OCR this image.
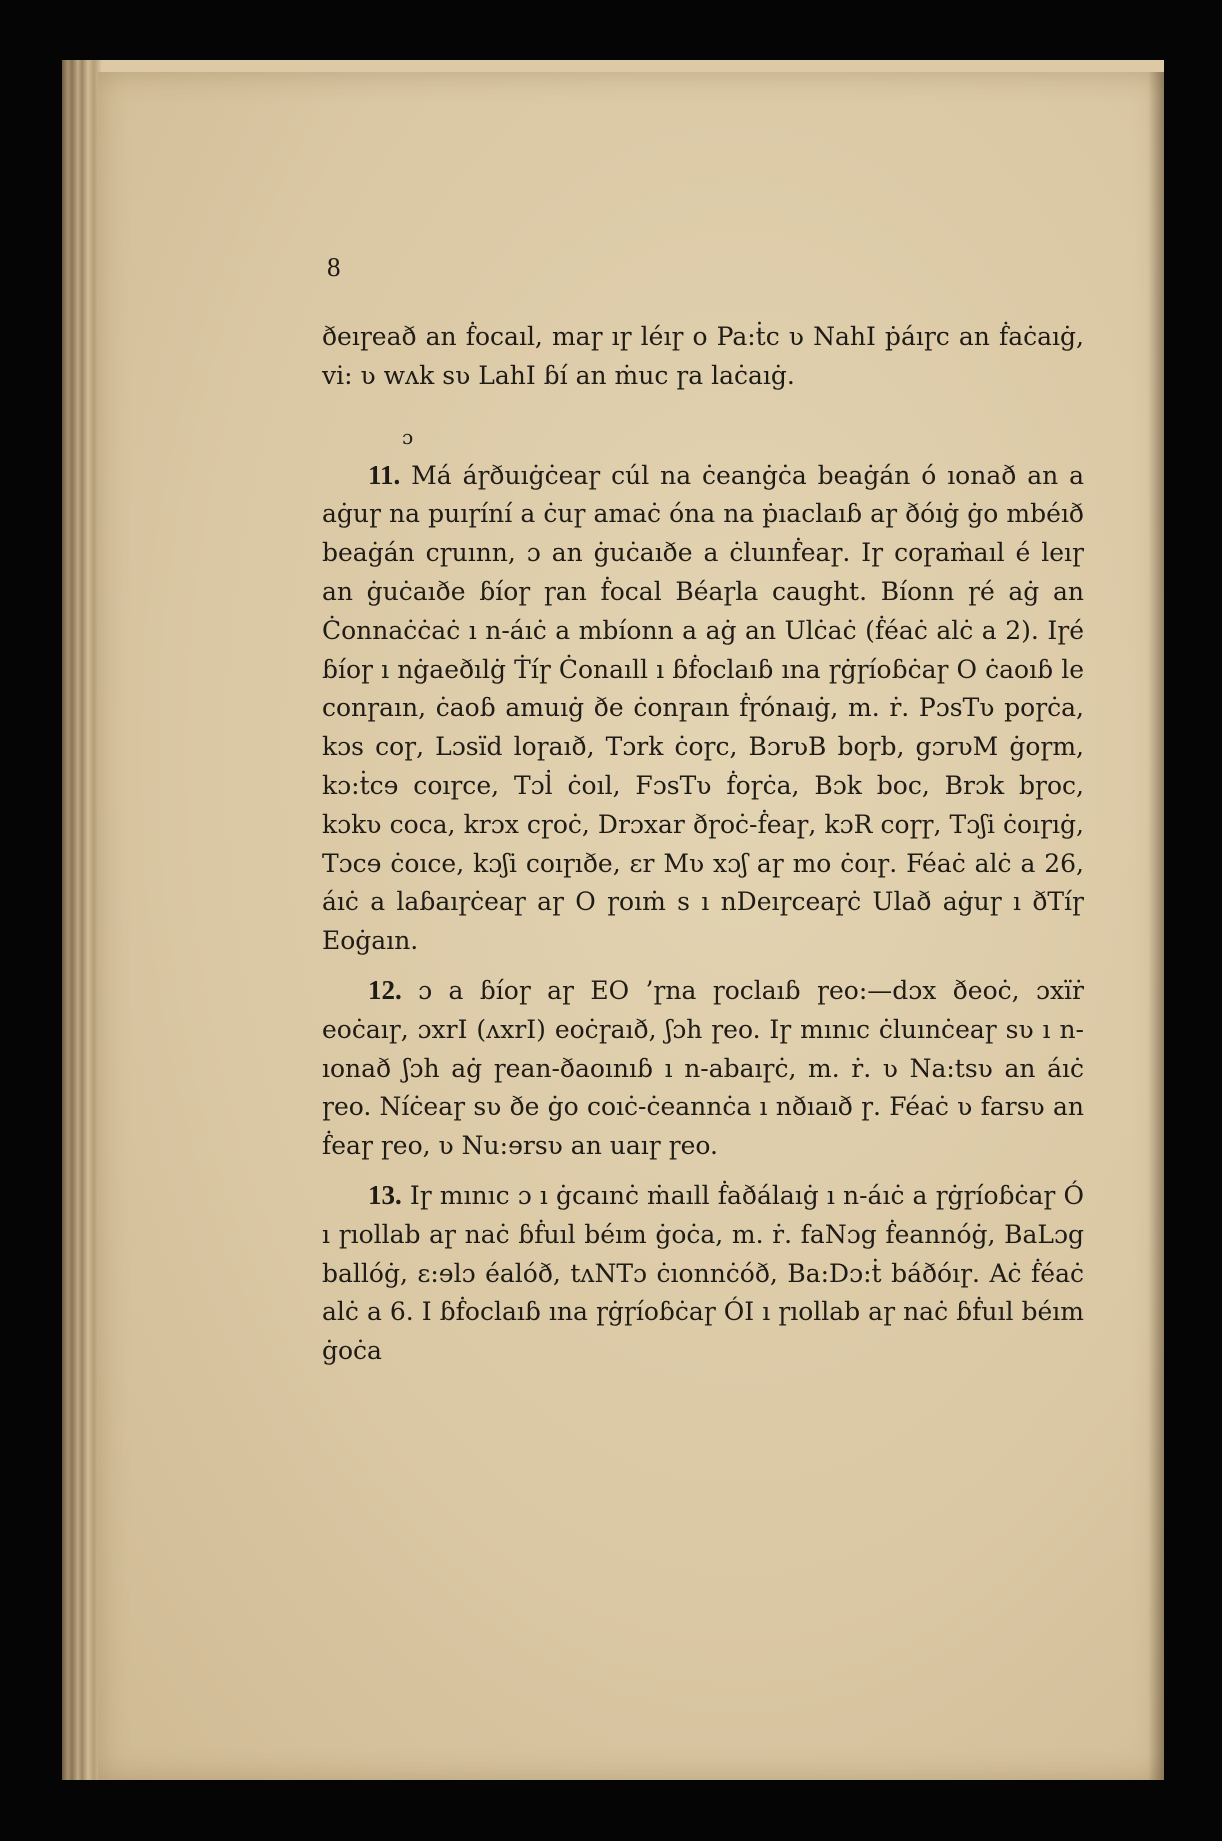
8

ðeıɼeað an ḟocaıl, maɼ ıɼ léıɼ o Pa:ṫc ʋ NahI ṗáıɼc an ḟaċaıġ, vi: ʋ wʌk sʋ LahI ɓí an ṁuc ɼa laċaıġ.

ɔ

11. Má áɼðuıġċeaɼ cúl na ċeanġċa beaġán ó ıonað an a aġuɼ na puıɼíní a ċuɼ amaċ óna na ṗıaclaıɓ aɼ ðóıġ ġo mbéıð beaġán cɼuınn, ɔ an ġuċaıðe a ċluınḟeaɼ. Iɼ coɼaṁaıl é leıɼ an ġuċaıðe ɓíoɼ ɼan ḟocal Béaɼla caught. Bíonn ɼé aġ an Ċonnaċċaċ ı n-áıċ a mbíonn a aġ an Ulċaċ (ḟéaċ alċ a 2). Iɼé ɓíoɼ ı nġaeðılġ Ṫíɼ Ċonaıll ı ɓḟoclaıɓ ına ɼġɼíoɓċaɼ O ċaoıɓ le conɼaın, ċaoɓ amuıġ ðe ċonɼaın ḟɼónaıġ, m. ṙ. PɔsTʋ poɼċa, kɔs coɼ, Lɔsïd loɼaıð, Tɔrk ċoɼc, BɔrʋB boɼb, gɔrʋM ġoɼm, kɔ:ṫcɘ coıɼce, Tɔl̇ ċoıl, FɔsTʋ ḟoɼċa, Bɔk boc, Brɔk bɼoc, kɔkʋ coca, krɔx cɼoċ, Drɔxar ðɼoċ-ḟeaɼ, kɔR coɼɼ, Tɔʃi ċoıɼıġ, Tɔcɘ ċoıce, kɔʃi coıɼıðe, ɛr Mʋ xɔʃ aɼ mo ċoıɼ. Féaċ alċ a 26, áıċ a laɓaıɼċeaɼ aɼ O ɼoıṁ s ı nDeıɼceaɼċ Ulað aġuɼ ı ðTíɼ Eoġaın.

12. ɔ a ɓíoɼ aɼ EO ’ɼna ɼoclaıɓ ɼeo:—dɔx ðeoċ, ɔxïṙ eoċaıɼ, ɔxrI (ʌxrI) eoċɼaıð, ʃɔh ɼeo. Iɼ mınıc ċluınċeaɼ sʋ ı n-ıonað ʃɔh aġ ɼean-ðaoınıɓ ı n-abaıɼċ, m. ṙ. ʋ Na:tsʋ an áıċ ɼeo. Níċeaɼ sʋ ðe ġo coıċ-ċeannċa ı nðıaıð ɼ. Féaċ ʋ farsʋ an ḟeaɼ ɼeo, ʋ Nu:ɘrsʋ an uaıɼ ɼeo.

13. Iɼ mınıc ɔ ı ġcaınċ ṁaıll ḟaðálaıġ ı n-áıċ a ɼġɼíoɓċaɼ Ó ı ɼıollab aɼ naċ ɓḟuıl béım ġoċa, m. ṙ. faNɔg ḟeannóġ, BaLɔg ballóġ, ɛ:ɘlɔ éalóð, tʌNTɔ ċıonnċóð, Ba:Dɔ:ṫ báðóıɼ. Aċ ḟéaċ alċ a 6. I ɓḟoclaıɓ ına ɼġɼíoɓċaɼ ÓI ı ɼıollab aɼ naċ ɓḟuıl béım ġoċa
